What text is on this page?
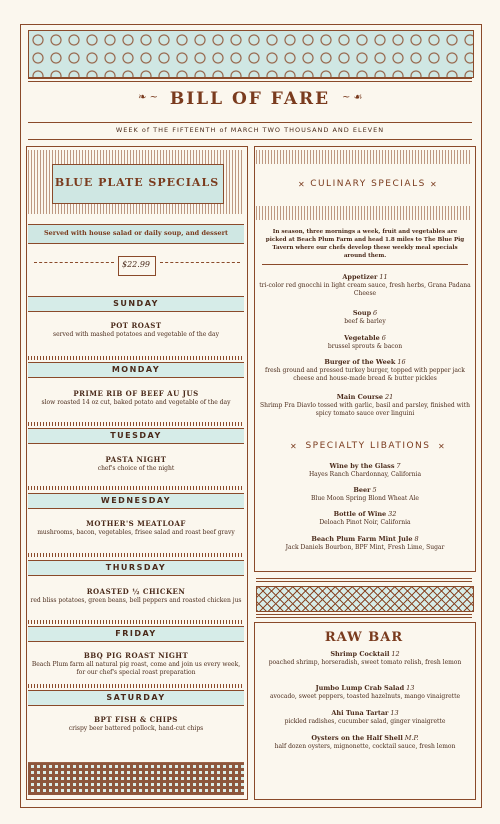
❧ ~ BILL OF FARE	~ ☙
WEEK of THE FIFTEENTH of MARCH TWO THOUSAND AND ELEVEN
BLUE PLATE SPECIALS
Served with house salad or daily soup, and dessert
$22.99
SUNDAY
POT ROAST
served with mashed potatoes and vegetable of the day
MONDAY
PRIME RIB OF BEEF AU JUS
slow roasted 14 oz cut, baked potato and vegetable of the day
TUESDAY
PASTA NIGHT
chef's choice of the night
WEDNESDAY
MOTHER'S MEATLOAF
mushrooms, bacon, vegetables, frisee salad and roast beef gravy
THURSDAY
ROASTED ½ CHICKEN
red bliss potatoes, green beans, bell peppers and roasted chicken jus
FRIDAY
BBQ PIG ROAST NIGHT
Beach Plum farm all natural pig roast, come and join us every week, for our chef's special roast preparation
SATURDAY
BPT FISH & CHIPS
crispy beer battered pollock, hand-cut chips
✕ CULINARY SPECIALS ✕
In season, three mornings a week, fruit and vegetables are picked at Beach Plum Farm and head 1.8 miles to The Blue Pig Tavern where our chefs develop these weekly meal specials around them.
Appetizer 11
tri-color red gnocchi in light cream sauce, fresh herbs, Grana Padana Cheese
Soup 6
beef & barley
Vegetable 6
brussel sprouts & bacon
Burger of the Week 16
fresh ground and pressed turkey burger, topped with pepper jack cheese and house-made bread & butter pickles
Main Course 21
Shrimp Fra Diavlo tossed with garlic, basil and parsley, finished with spicy tomato sauce over linguini
✕ SPECIALTY LIBATIONS ✕
Wine by the Glass 7
Hayes Ranch Chardonnay, California
Beer 5
Blue Moon Spring Blond Wheat Ale
Bottle of Wine 32
Deloach Pinot Noir, California
Beach Plum Farm Mint Jule 8
Jack Daniels Bourbon, BPF Mint, Fresh Lime, Sugar
RAW BAR
Shrimp Cocktail 12
poached shrimp, horseradish, sweet tomato relish, fresh lemon
Jumbo Lump Crab Salad 13
avocado, sweet peppers, toasted hazelnuts, mango vinaigrette
Ahi Tuna Tartar 13
pickled radishes, cucumber salad, ginger vinaigrette
Oysters on the Half Shell M.P.
half dozen oysters, mignonette, cocktail sauce, fresh lemon
